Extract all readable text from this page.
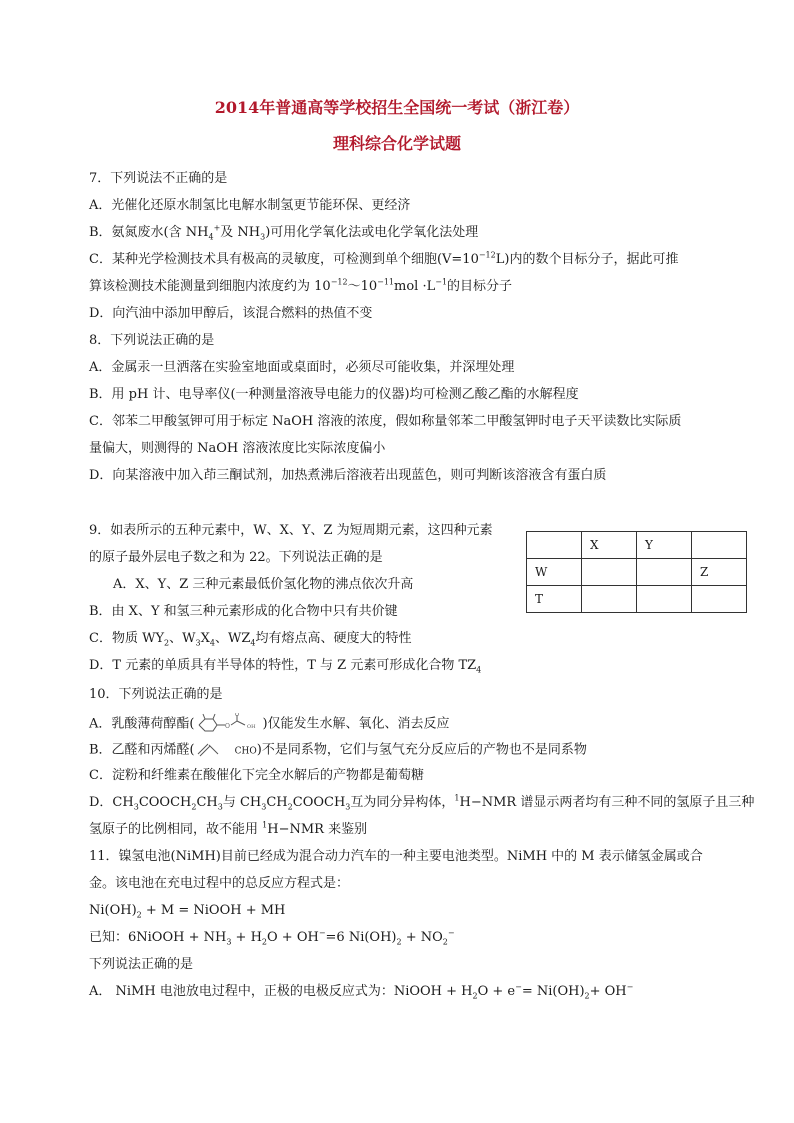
2014年普通高等学校招生全国统一考试（浙江卷）
理科综合化学试题
7．下列说法不正确的是
A．光催化还原水制氢比电解水制氢更节能环保、更经济
B．氨氮废水(含 $NH_4^+$及 $NH_3$)可用化学氧化法或电化学氧化法处理
C．某种光学检测技术具有极高的灵敏度，可检测到单个细胞$(V=10^{-12}L)$内的数个目标分子，据此可推
算该检测技术能测量到细胞内浓度约为 $10^{-12}\sim 10^{-11}mol \cdot L^{-1}$的目标分子
D．向汽油中添加甲醇后，该混合燃料的热值不变
8．下列说法正确的是
A．金属汞一旦洒落在实验室地面或桌面时，必须尽可能收集，并深埋处理
B．用 pH 计、电导率仪(一种测量溶液导电能力的仪器)均可检测乙酸乙酯的水解程度
C．邻苯二甲酸氢钾可用于标定 NaOH 溶液的浓度，假如称量邻苯二甲酸氢钾时电子天平读数比实际质
量偏大，则测得的 NaOH 溶液浓度比实际浓度偏小
D．向某溶液中加入茚三酮试剂，加热煮沸后溶液若出现蓝色，则可判断该溶液含有蛋白质
9．如表所示的五种元素中，W、X、Y、Z 为短周期元素，这四种元素
的原子最外层电子数之和为 22。下列说法正确的是
A．X、Y、Z 三种元素最低价氢化物的沸点依次升高
B．由 X、Y 和氢三种元素形成的化合物中只有共价键
C．物质 $WY_2$、$W_3X_4$、$WZ_4$均有熔点高、硬度大的特性
D．T 元素的单质具有半导体的特性，T 与 Z 元素可形成化合物 $TZ_4$
	X	Y	
W			Z
T			
10．下列说法正确的是
A．乳酸薄荷醇酯(	O
O
OH )仅能发生水解、氧化、消去反应
B．乙醛和丙烯醛(	CHO)不是同系物，它们与氢气充分反应后的产物也不是同系物
C．淀粉和纤维素在酸催化下完全水解后的产物都是葡萄糖
D．$CH_3COOCH_2CH_3$与 $CH_3CH_2COOCH_3$互为同分异构体，$^1$H−NMR 谱显示两者均有三种不同的氢原子且三种
氢原子的比例相同，故不能用 $^1$H−NMR 来鉴别
11．镍氢电池(NiMH)目前已经成为混合动力汽车的一种主要电池类型。NiMH 中的 M 表示储氢金属或合
金。该电池在充电过程中的总反应方程式是：
$Ni(OH)_2 + M$ = NiOOH + MH
已知：6NiOOH + $NH_3 + H_2O + OH^-=6$ $Ni(OH)_2 + NO_2^-$
下列说法正确的是
A． NiMH 电池放电过程中，正极的电极反应式为：NiOOH + $H_2O + e^-= Ni(OH)_2+ OH^-$
